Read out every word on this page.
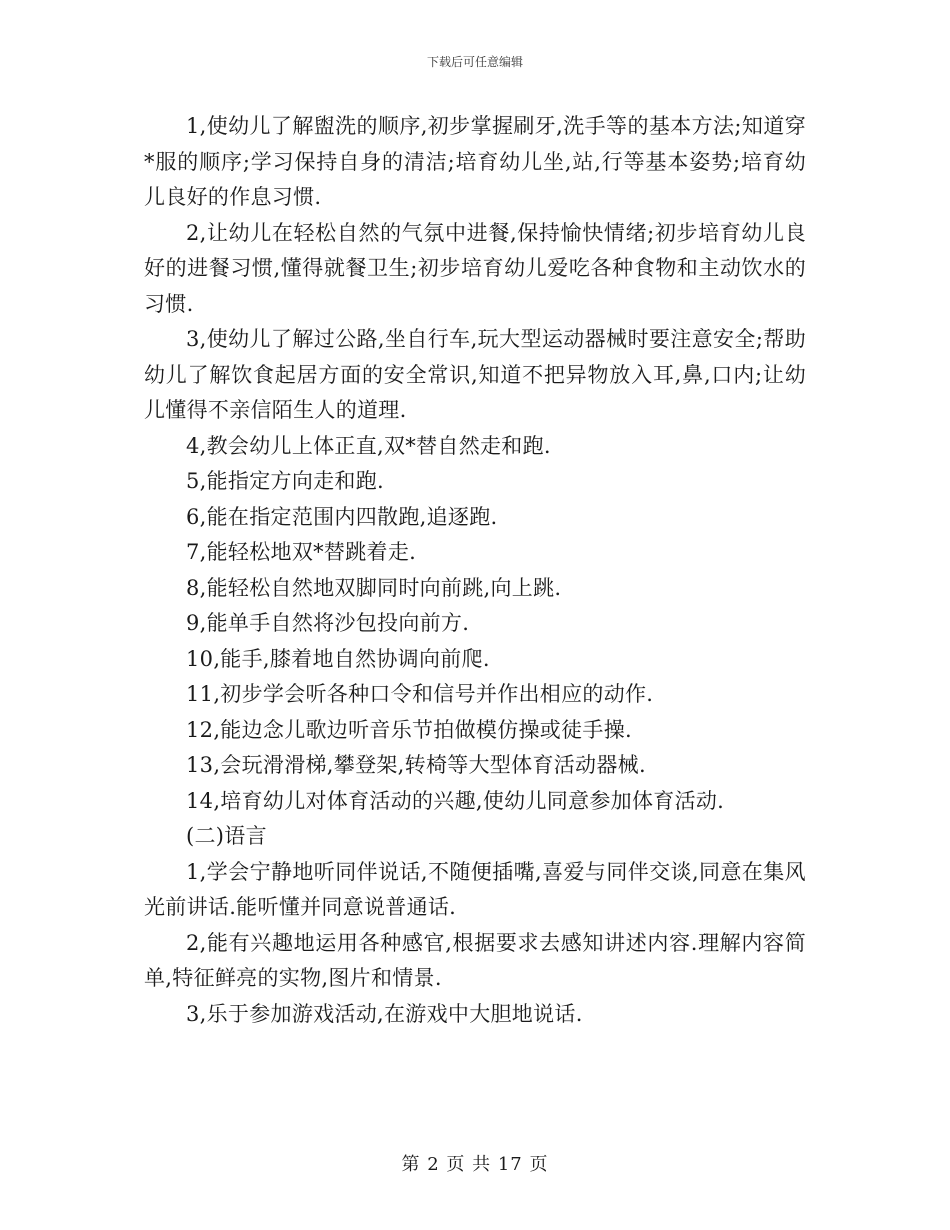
下载后可任意编辑

1,使幼儿了解盥洗的顺序,初步掌握刷牙,洗手等的基本方法;知道穿*服的顺序;学习保持自身的清洁;培育幼儿坐,站,行等基本姿势;培育幼儿良好的作息习惯.

2,让幼儿在轻松自然的气氛中进餐,保持愉快情绪;初步培育幼儿良好的进餐习惯,懂得就餐卫生;初步培育幼儿爱吃各种食物和主动饮水的习惯.

3,使幼儿了解过公路,坐自行车,玩大型运动器械时要注意安全;帮助幼儿了解饮食起居方面的安全常识,知道不把异物放入耳,鼻,口内;让幼儿懂得不亲信陌生人的道理.

4,教会幼儿上体正直,双*替自然走和跑.

5,能指定方向走和跑.

6,能在指定范围内四散跑,追逐跑.

7,能轻松地双*替跳着走.

8,能轻松自然地双脚同时向前跳,向上跳.

9,能单手自然将沙包投向前方.

10,能手,膝着地自然协调向前爬.

11,初步学会听各种口令和信号并作出相应的动作.

12,能边念儿歌边听音乐节拍做模仿操或徒手操.

13,会玩滑滑梯,攀登架,转椅等大型体育活动器械.

14,培育幼儿对体育活动的兴趣,使幼儿同意参加体育活动.

(二)语言

1,学会宁静地听同伴说话,不随便插嘴,喜爱与同伴交谈,同意在集风光前讲话.能听懂并同意说普通话.

2,能有兴趣地运用各种感官,根据要求去感知讲述内容.理解内容简单,特征鲜亮的实物,图片和情景.

3,乐于参加游戏活动,在游戏中大胆地说话.

第 2 页 共 17 页
